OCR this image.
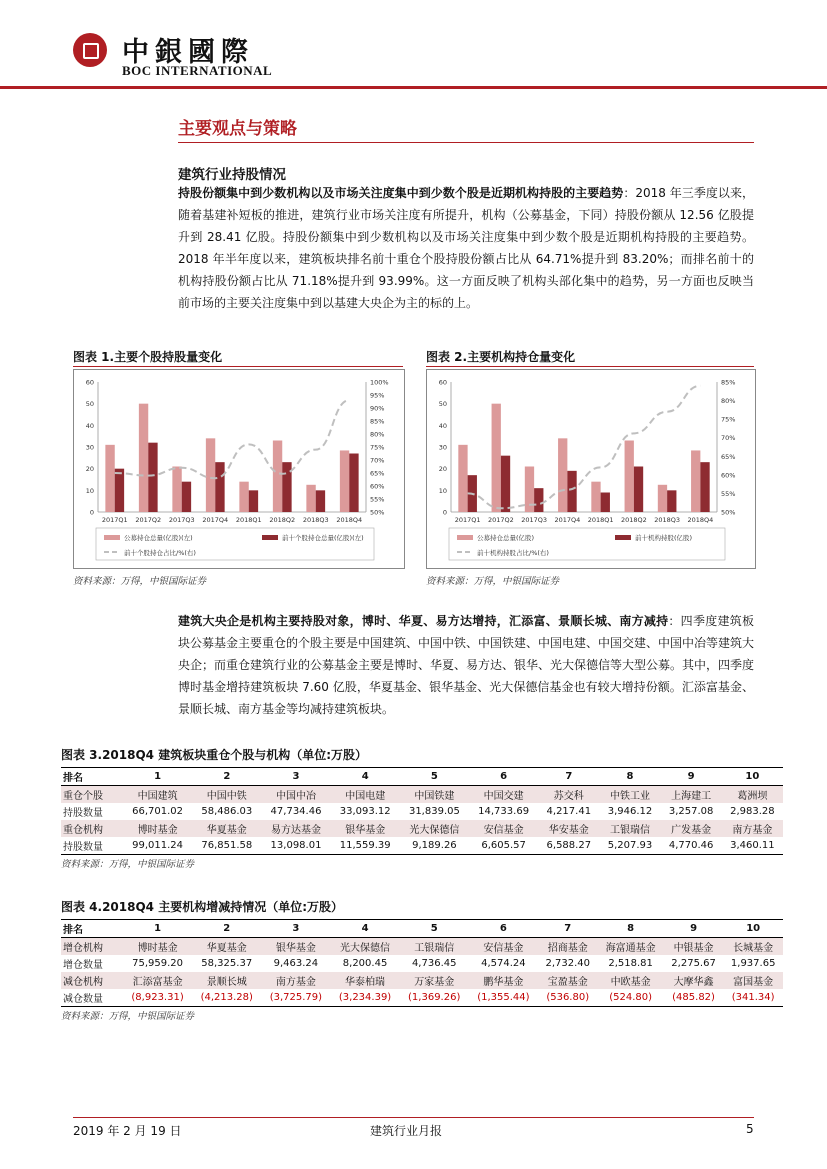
中銀國際
BOC INTERNATIONAL
主要观点与策略
建筑行业持股情况
持股份额集中到少数机构以及市场关注度集中到少数个股是近期机构持股的主要趋势：2018 年三季度以来，随着基建补短板的推进，建筑行业市场关注度有所提升，机构（公募基金，下同）持股份额从 12.56 亿股提升到 28.41 亿股。持股份额集中到少数机构以及市场关注度集中到少数个股是近期机构持股的主要趋势。2018 年半年度以来，建筑板块排名前十重仓个股持股份额占比从 64.71%提升到 83.20%；而排名前十的机构持股份额占比从 71.18%提升到 93.99%。这一方面反映了机构头部化集中的趋势，另一方面也反映当前市场的主要关注度集中到以基建大央企为主的标的上。
图表 1.主要个股持股量变化
0
10
20
30
40
50
60
50%
55%
60%
65%
70%
75%
80%
85%
90%
95%
100%
2017Q1 2017Q2 2017Q3 2017Q4 2018Q1 2018Q2 2018Q3 2018Q4
公募持仓总量(亿股)(左)	前十个股持仓总量(亿股)(左)
前十个股持仓占比/%(右)
资料来源：万得，中银国际证券
图表 2.主要机构持仓量变化
0
10
20
30
40
50
60
50%
55%
60%
65%
70%
75%
80%
85%
2017Q1 2017Q2 2017Q3 2017Q4 2018Q1 2018Q2 2018Q3 2018Q4
公募持仓总量(亿股)	前十机构持股(亿股)
前十机构持股占比/%(右)
资料来源：万得，中银国际证券
建筑大央企是机构主要持股对象，博时、华夏、易方达增持，汇添富、景顺长城、南方减持：四季度建筑板块公募基金主要重仓的个股主要是中国建筑、中国中铁、中国铁建、中国电建、中国交建、中国中冶等建筑大央企；而重仓建筑行业的公募基金主要是博时、华夏、易方达、银华、光大保德信等大型公募。其中，四季度博时基金增持建筑板块 7.60 亿股，华夏基金、银华基金、光大保德信基金也有较大增持份额。汇添富基金、景顺长城、南方基金等均减持建筑板块。
图表 3.2018Q4 建筑板块重仓个股与机构（单位:万股）
排名	1	2	3	4	5	6	7	8	9	10
重仓个股	中国建筑	中国中铁	中国中冶	中国电建	中国铁建	中国交建	苏交科	中铁工业	上海建工	葛洲坝
持股数量	66,701.02	58,486.03	47,734.46	33,093.12	31,839.05	14,733.69	4,217.41	3,946.12	3,257.08	2,983.28
重仓机构	博时基金	华夏基金	易方达基金	银华基金	光大保德信	安信基金	华安基金	工银瑞信	广发基金	南方基金
持股数量	99,011.24	76,851.58	13,098.01	11,559.39	9,189.26	6,605.57	6,588.27	5,207.93	4,770.46	3,460.11
资料来源：万得，中银国际证券
图表 4.2018Q4 主要机构增减持情况（单位:万股）
排名	1	2	3	4	5	6	7	8	9	10
增仓机构	博时基金	华夏基金	银华基金	光大保德信	工银瑞信	安信基金	招商基金	海富通基金	中银基金	长城基金
增仓数量	75,959.20	58,325.37	9,463.24	8,200.45	4,736.45	4,574.24	2,732.40	2,518.81	2,275.67	1,937.65
减仓机构	汇添富基金	景顺长城	南方基金	华泰柏瑞	万家基金	鹏华基金	宝盈基金	中欧基金	大摩华鑫	富国基金
减仓数量	(8,923.31)	(4,213.28)	(3,725.79)	(3,234.39)	(1,369.26)	(1,355.44)	(536.80)	(524.80)	(485.82)	(341.34)
资料来源：万得，中银国际证券
2019 年 2 月 19 日	建筑行业月报	5
